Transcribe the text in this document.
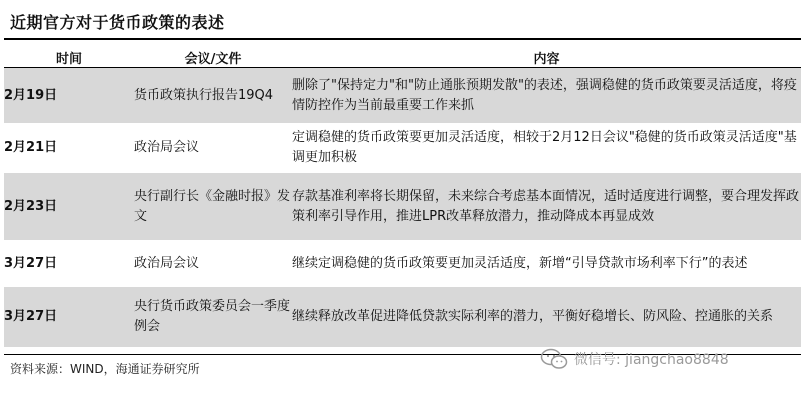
近期官方对于货币政策的表述
时间	会议/文件	内容
2月19日	货币政策执行报告19Q4	删除了"保持定力"和"防止通胀预期发散"的表述，强调稳健的货币政策要灵活适度，将疫情防控作为当前最重要工作来抓
2月21日	政治局会议	定调稳健的货币政策要更加灵活适度，相较于2月12日会议"稳健的货币政策灵活适度"基调更加积极
2月23日	央行副行长《金融时报》发文	存款基准利率将长期保留，未来综合考虑基本面情况，适时适度进行调整，要合理发挥政策利率引导作用，推进LPR改革释放潜力，推动降成本再显成效
3月27日	政治局会议	继续定调稳健的货币政策要更加灵活适度，新增“引导贷款市场利率下行”的表述
3月27日	央行货币政策委员会一季度例会	继续释放改革促进降低贷款实际利率的潜力，平衡好稳增长、防风险、控通胀的关系
资料来源：WIND，海通证券研究所
微信号: jiangchao8848
